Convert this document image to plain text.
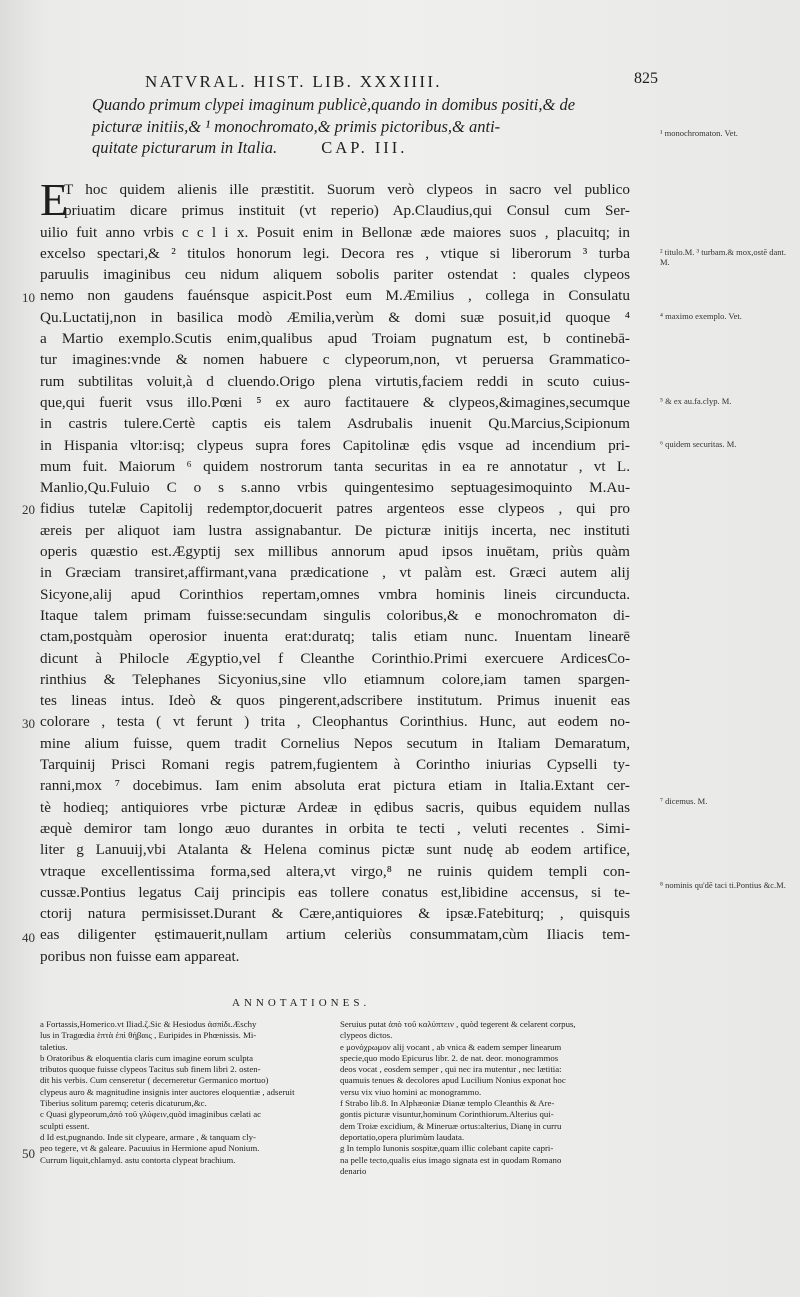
NATVRAL. HIST. LIB. XXXIIII.	825
Quando primum clypei imaginum publicè,quando in domibus positi,& de
picturæ initiis,& ¹ monochromato,& primis pictoribus,& anti-
quitate picturarum in Italia.	CAP. III.
E
T hoc quidem alienis ille præstitit. Suorum verò clypeos in sacro vel publico
priuatim dicare primus instituit (vt reperio) Ap.Claudius,qui Consul cum Ser-
uilio fuit anno vrbis c c l i x. Posuit enim in Bellonæ æde maiores suos , placuitq; in
excelso spectari,& ² titulos honorum legi. Decora res , vtique si liberorum ³ turba
paruulis imaginibus ceu nidum aliquem sobolis pariter ostendat : quales clypeos
nemo non gaudens fauénsque aspicit.Post eum M.Æmilius , collega in Consulatu
Qu.Luctatij,non in basilica modò Æmilia,verùm & domi suæ posuit,id quoque ⁴
a Martio exemplo.Scutis enim,qualibus apud Troiam pugnatum est, b continebā-
tur imagines:vnde & nomen habuere c clypeorum,non, vt peruersa Grammatico-
rum subtilitas voluit,à d cluendo.Origo plena virtutis,faciem reddi in scuto cuius-
que,qui fuerit vsus illo.Pœni ⁵ ex auro factitauere & clypeos,&imagines,secumque
in castris tulere.Certè captis eis talem Asdrubalis inuenit Qu.Marcius,Scipionum
in Hispania vltor:isq; clypeus supra fores Capitolinæ ędis vsque ad incendium pri-
mum fuit. Maiorum ⁶ quidem nostrorum tanta securitas in ea re annotatur , vt L.
Manlio,Qu.Fuluio C o s s.anno vrbis quingentesimo septuagesimoquinto M.Au-
fidius tutelæ Capitolij redemptor,docuerit patres argenteos esse clypeos , qui pro
æreis per aliquot iam lustra assignabantur. De picturæ initijs incerta, nec instituti
operis quæstio est.Ægyptij sex millibus annorum apud ipsos inuētam, priùs quàm
in Græciam transiret,affirmant,vana prædicatione , vt palàm est. Græci autem alij
Sicyone,alij apud Corinthios repertam,omnes vmbra hominis lineis circunducta.
Itaque talem primam fuisse:secundam singulis coloribus,& e monochromaton di-
ctam,postquàm operosior inuenta erat:duratq; talis etiam nunc. Inuentam linearē
dicunt à Philocle Ægyptio,vel f Cleanthe Corinthio.Primi exercuere ArdicesCo-
rinthius & Telephanes Sicyonius,sine vllo etiamnum colore,iam tamen spargen-
tes lineas intus. Ideò & quos pingerent,adscribere institutum. Primus inuenit eas
colorare , testa ( vt ferunt ) trita , Cleophantus Corinthius. Hunc, aut eodem no-
mine alium fuisse, quem tradit Cornelius Nepos secutum in Italiam Demaratum,
Tarquinij Prisci Romani regis patrem,fugientem à Corintho iniurias Cypselli ty-
ranni,mox ⁷ docebimus. Iam enim absoluta erat pictura etiam in Italia.Extant cer-
tè hodieq; antiquiores vrbe picturæ Ardeæ in ędibus sacris, quibus equidem nullas
æquè demiror tam longo æuo durantes in orbita te tecti , veluti recentes . Simi-
liter g Lanuuij,vbi Atalanta & Helena cominus pictæ sunt nudę ab eodem artifice,
vtraque excellentissima forma,sed altera,vt virgo,⁸ ne ruinis quidem templi con-
cussæ.Pontius legatus Caij principis eas tollere conatus est,libidine accensus, si te-
ctorij natura permisisset.Durant & Cære,antiquiores & ipsæ.Fatebiturq; , quisquis
eas diligenter ęstimauerit,nullam artium celeriùs consummatam,cùm Iliacis tem-
poribus non fuisse eam appareat.
10
20
30
40
50
¹ monochromaton. Vet.
² titulo.M. ³ turbam.& mox,ostē dant. M.
⁴ maximo exemplo. Vet.
⁵ & ex au.fa.clyp. M.
⁶ quidem securitas. M.
⁷ dicemus. M.
⁸ nominis qu'dē taci ti.Pontius &c.M.
ANNOTATIONES.
a Fortassis,Homerico.vt Iliad.ζ.Sic & Hesiodus ἀσπίδι.Æschy
lus in Tragœdia ἑπτὰ ἐπὶ θήβαις , Euripides in Phœnissis. Mi-
taletius.
b Oratoribus & eloquentia claris cum imagine eorum sculpta
tributos quoque fuisse clypeos Tacitus sub finem libri 2. osten-
dit his verbis. Cum censeretur ( decerneretur Germanico mortuo)
clypeus auro & magnitudine insignis inter auctores eloquentiæ , adseruit
Tiberius solitum paremq; ceteris dicaturum,&c.
c Quasi glypeorum,ἀπὸ τοῦ γλύφειν,quòd imaginibus cælati ac
sculpti essent.
d Id est,pugnando. Inde sit clypeare, armare , & tanquam cly-
peo tegere, vt & galeare. Pacuuius in Hermione apud Nonium.
Currum liquit,chlamyd. astu contorta clypeat brachium.
Seruius putat ἀπὸ τοῦ καλύπτειν , quòd tegerent & celarent corpus,
clypeos dictos.
e μονόχρωμον alij vocant , ab vnica & eadem semper linearum
specie,quo modo Epicurus libr. 2. de nat. deor. monogrammos
deos vocat , eosdem semper , qui nec ira mutentur , nec lætitia:
quamuis tenues & decolores apud Lucilium Nonius exponat hoc
versu vix viuo homini ac monogrammo.
f Strabo lib.8. In Alphæoniæ Dianæ templo Cleanthis & Are-
gontis picturæ visuntur,hominum Corinthiorum.Alterius qui-
dem Troiæ excidium, & Mineruæ ortus:alterius, Dianę in curru
deportatio,opera plurimùm laudata.
g In templo Iunonis sospitæ,quam illic colebant capite capri-
na pelle tecto,qualis eius imago signata est in quodam Romano
denario
